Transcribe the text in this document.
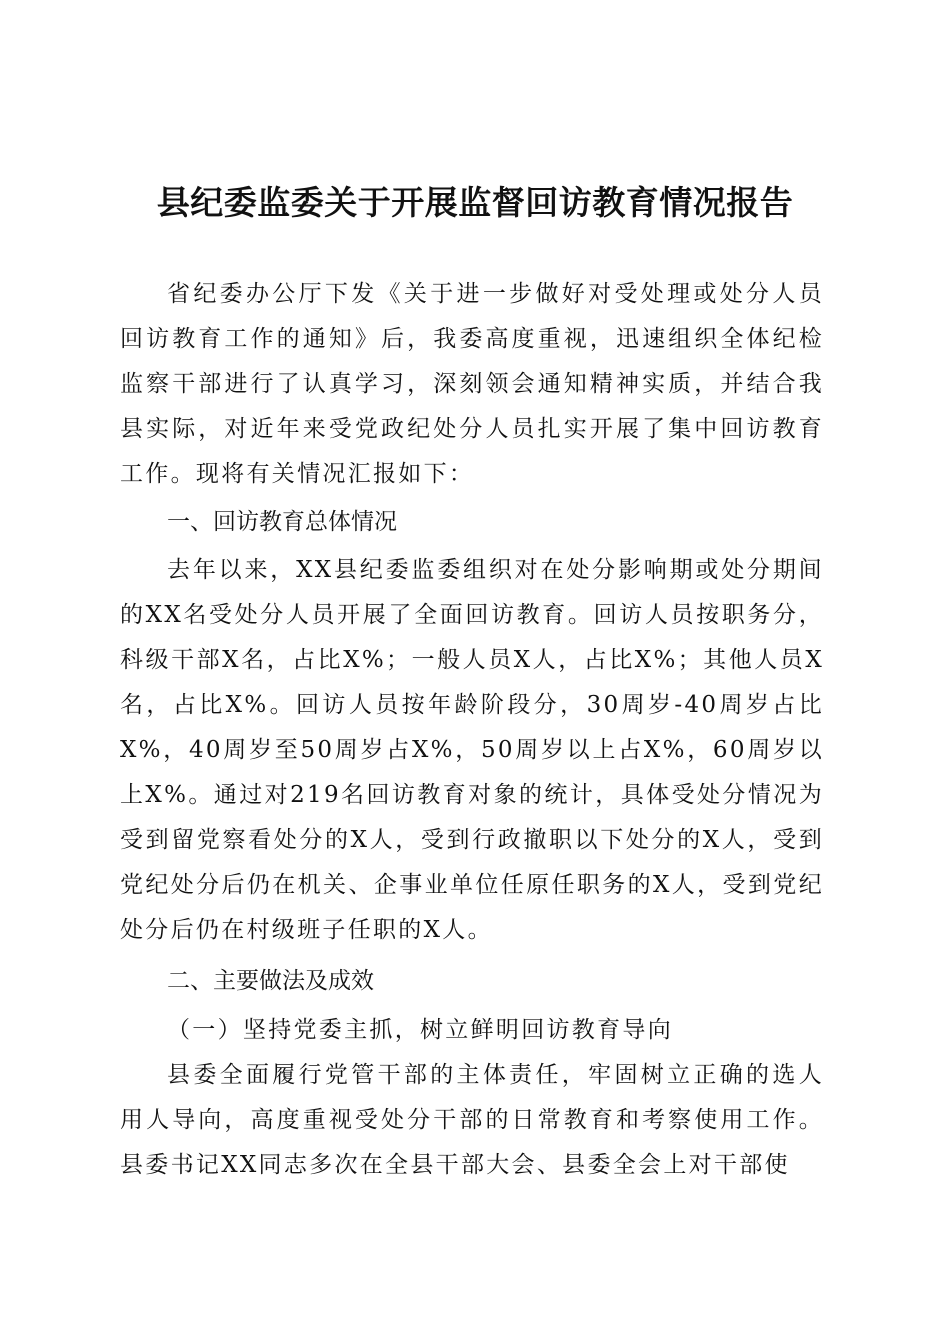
县纪委监委关于开展监督回访教育情况报告

省纪委办公厅下发《关于进一步做好对受处理或处分人员回访教育工作的通知》后，我委高度重视，迅速组织全体纪检监察干部进行了认真学习，深刻领会通知精神实质，并结合我县实际，对近年来受党政纪处分人员扎实开展了集中回访教育工作。现将有关情况汇报如下：

一、回访教育总体情况

去年以来，XX县纪委监委组织对在处分影响期或处分期间的XX名受处分人员开展了全面回访教育。回访人员按职务分，科级干部X名，占比X%；一般人员X人，占比X%；其他人员X名，占比X%。回访人员按年龄阶段分，30周岁-40周岁占比X%，40周岁至50周岁占X%，50周岁以上占X%，60周岁以上X%。通过对219名回访教育对象的统计，具体受处分情况为受到留党察看处分的X人，受到行政撤职以下处分的X人，受到党纪处分后仍在机关、企事业单位任原任职务的X人，受到党纪处分后仍在村级班子任职的X人。

二、主要做法及成效

（一）坚持党委主抓，树立鲜明回访教育导向

县委全面履行党管干部的主体责任，牢固树立正确的选人用人导向，高度重视受处分干部的日常教育和考察使用工作。县委书记XX同志多次在全县干部大会、县委全会上对干部使
